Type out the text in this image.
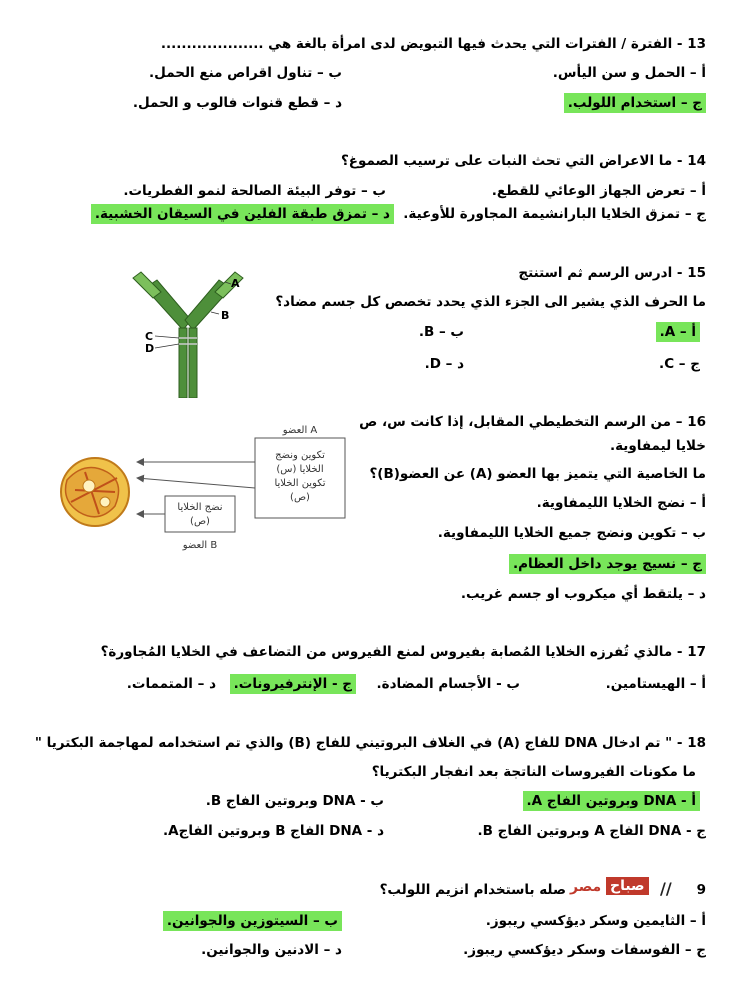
13 - الفترة / الفترات التي يحدث فيها التبويض لدى امرأة بالغة هي ....................
أ – الحمل و سن اليأس.
ب – تناول اقراص منع الحمل.
ج – استخدام اللولب.
د – قطع قنوات فالوب و الحمل.
14 - ما الاعراض التي تحث النبات على ترسيب الصموغ؟
أ – تعرض الجهاز الوعائي للقطع.
ب – توفر البيئة الصالحة لنمو الفطريات.
ج – تمزق الخلايا البارانشيمة المجاورة للأوعية.
د – تمزق طبقة الفلين في السيقان الخشبية.
15 - ادرس الرسم ثم استنتج
ما الحرف الذي يشير الى الجزء الذي يحدد تخصص كل جسم مضاد؟
أ – A.
ب – B.
ج – C.
د – D.
A
B
C
D
16 – من الرسم التخطيطي المقابل، إذا كانت س، ص
خلايا ليمفاوية.
ما الخاصية التي يتميز بها العضو (A) عن العضو(B)؟
أ – نضج الخلايا الليمفاوية.
ب – تكوين ونضج جميع الخلايا الليمفاوية.
ج – نسيج يوجد داخل العظام.
د – يلتقط أي ميكروب او جسم غريب.
العضو A
تكوين ونضج
الخلايا (س)
تكوين الخلايا
(ص)
نضج الخلايا
(ص)
العضو B
17 - مالذي تُفرزه الخلايا المُصابة بفيروس لمنع الفيروس من التضاعف في الخلايا المُجاورة؟
أ – الهيستامين.
ب - الأجسام المضادة.
ج - الإنترفيرونات.
د – المتممات.
18 - " تم ادخال DNA للفاج (A) في الغلاف البروتيني للفاج (B) والذي تم استخدامه لمهاجمة البكتريا "
ما مكونات الفيروسات الناتجة بعد انفجار البكتريا؟
أ - DNA وبروتين الفاج A.
ب - DNA وبروتين الفاج B.
ج - DNA الفاج A وبروتين الفاج B.
د - DNA الفاج B وبروتين الفاجA.
9
مصر صباح //
صله باستخدام انزيم اللولب؟
أ – الثايمين وسكر ديؤكسي ريبوز.
ب – السيتوزين والجوانين.
ج – الفوسفات وسكر ديؤكسي ريبوز.
د – الادنين والجوانين.
